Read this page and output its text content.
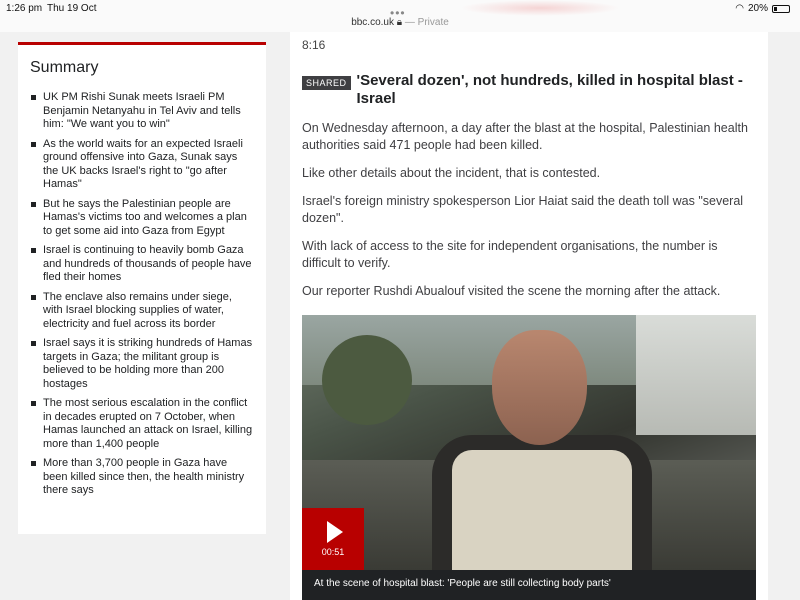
1:26 pm Thu 19 Oct	◠ 20%
•••
bbc.co.uk 🔒︎ — Private
Summary
UK PM Rishi Sunak meets Israeli PM Benjamin Netanyahu in Tel Aviv and tells him: "We want you to win"
As the world waits for an expected Israeli ground offensive into Gaza, Sunak says the UK backs Israel's right to "go after Hamas"
But he says the Palestinian people are Hamas's victims too and welcomes a plan to get some aid into Gaza from Egypt
Israel is continuing to heavily bomb Gaza and hundreds of thousands of people have fled their homes
The enclave also remains under siege, with Israel blocking supplies of water, electricity and fuel across its border
Israel says it is striking hundreds of Hamas targets in Gaza; the militant group is believed to be holding more than 200 hostages
The most serious escalation in the conflict in decades erupted on 7 October, when Hamas launched an attack on Israel, killing more than 1,400 people
More than 3,700 people in Gaza have been killed since then, the health ministry there says
8:16
SHARED 'Several dozen', not hundreds, killed in hospital blast - Israel

On Wednesday afternoon, a day after the blast at the hospital, Palestinian health authorities said 471 people had been killed.

Like other details about the incident, that is contested.

Israel's foreign ministry spokesperson Lior Haiat said the death toll was "several dozen".

With lack of access to the site for independent organisations, the number is difficult to verify.

Our reporter Rushdi Abualouf visited the scene the morning after the attack.

00:51
At the scene of hospital blast: 'People are still collecting body parts'
